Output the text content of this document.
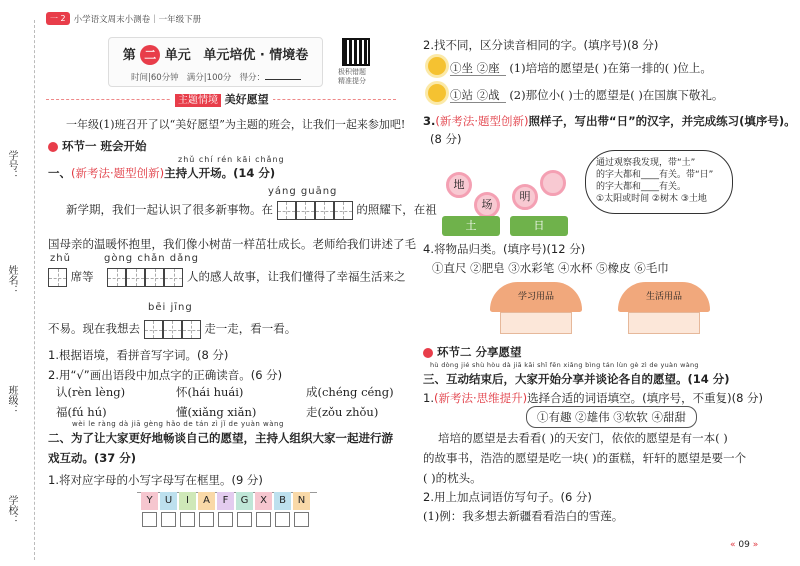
学号：
姓名：
班级：
学校：
一 2 小学语文周末小测卷｜一年级下册
第 二 单元 单元培优 · 情境卷
时间|60分钟 满分|100分 得分：
极积错题
精准提分
主题情境 美好愿望
一年级(1)班召开了以“美好愿望”为主题的班会，让我们一起来参加吧!
环节一 班会开始
zhǔ chí rén kāi chǎng
一、(新考法·题型创新)主持人开场。(14 分)
yáng guāng
新学期，我们一起认识了很多新事物。在	的照耀下，在祖
国母亲的温暖怀抱里，我们像小树苗一样茁壮成长。老师给我们讲述了毛
zhǔ	gòng chǎn dǎng
席等	人的感人故事，让我们懂得了幸福生活来之
bēi jīng
不易。现在我想去	走一走，看一看。
1.根据语境，看拼音写字词。(8 分)
2.用“√”画出语段中加点字的正确读音。(6 分)
认(rèn lèng)	怀(hái huái)	成(chéng céng)
福(fú hú)	懂(xiǎng xiǎn)	走(zǒu zhǒu)
wèi le ràng dà jiā gèng hǎo de tán zì jǐ de yuàn wàng
二、为了让大家更好地畅谈自己的愿望，主持人组织大家一起进行游
戏互动。(37 分)
1.将对应字母的小写字母写在框里。(9 分)
Y	U	I	A	F	G	X	B	N
2.找不同，区分读音相同的字。(填序号)(8 分)
①坐 ②座 (1)培培的愿望是( )在第一排的( )位上。
①站 ②战 (2)那位小( )士的愿望是( )在国旗下敬礼。
3.(新考法·题型创新)照样子，写出带“日”的汉字，并完成练习(填序号)。
(8 分)
地
场
明
土	日
通过观察我发现，带“土”
的字大都和____有关。带“日”
的字大都和____有关。
①太阳或时间 ②树木 ③土地
4.将物品归类。(填序号)(12 分)
①直尺 ②肥皂 ③水彩笔 ④水杯 ⑤橡皮 ⑥毛巾
学习用品	生活用品
环节二 分享愿望
hù dòng jié shù hòu dà jiā kāi shǐ fēn xiǎng bìng tán lùn gè zì de yuàn wàng
三、互动结束后，大家开始分享并谈论各自的愿望。(14 分)
1.(新考法·思维提升)选择合适的词语填空。(填序号，不重复)(8 分)
①有趣 ②雄伟 ③软软 ④甜甜
培培的愿望是去看看( )的天安门，依依的愿望是有一本( )
的故事书，浩浩的愿望是吃一块( )的蛋糕，轩轩的愿望是要一个
( )的枕头。
2.用上加点词语仿写句子。(6 分)
(1)例：我多想去新疆看看浩白的雪莲。
« 09 »
